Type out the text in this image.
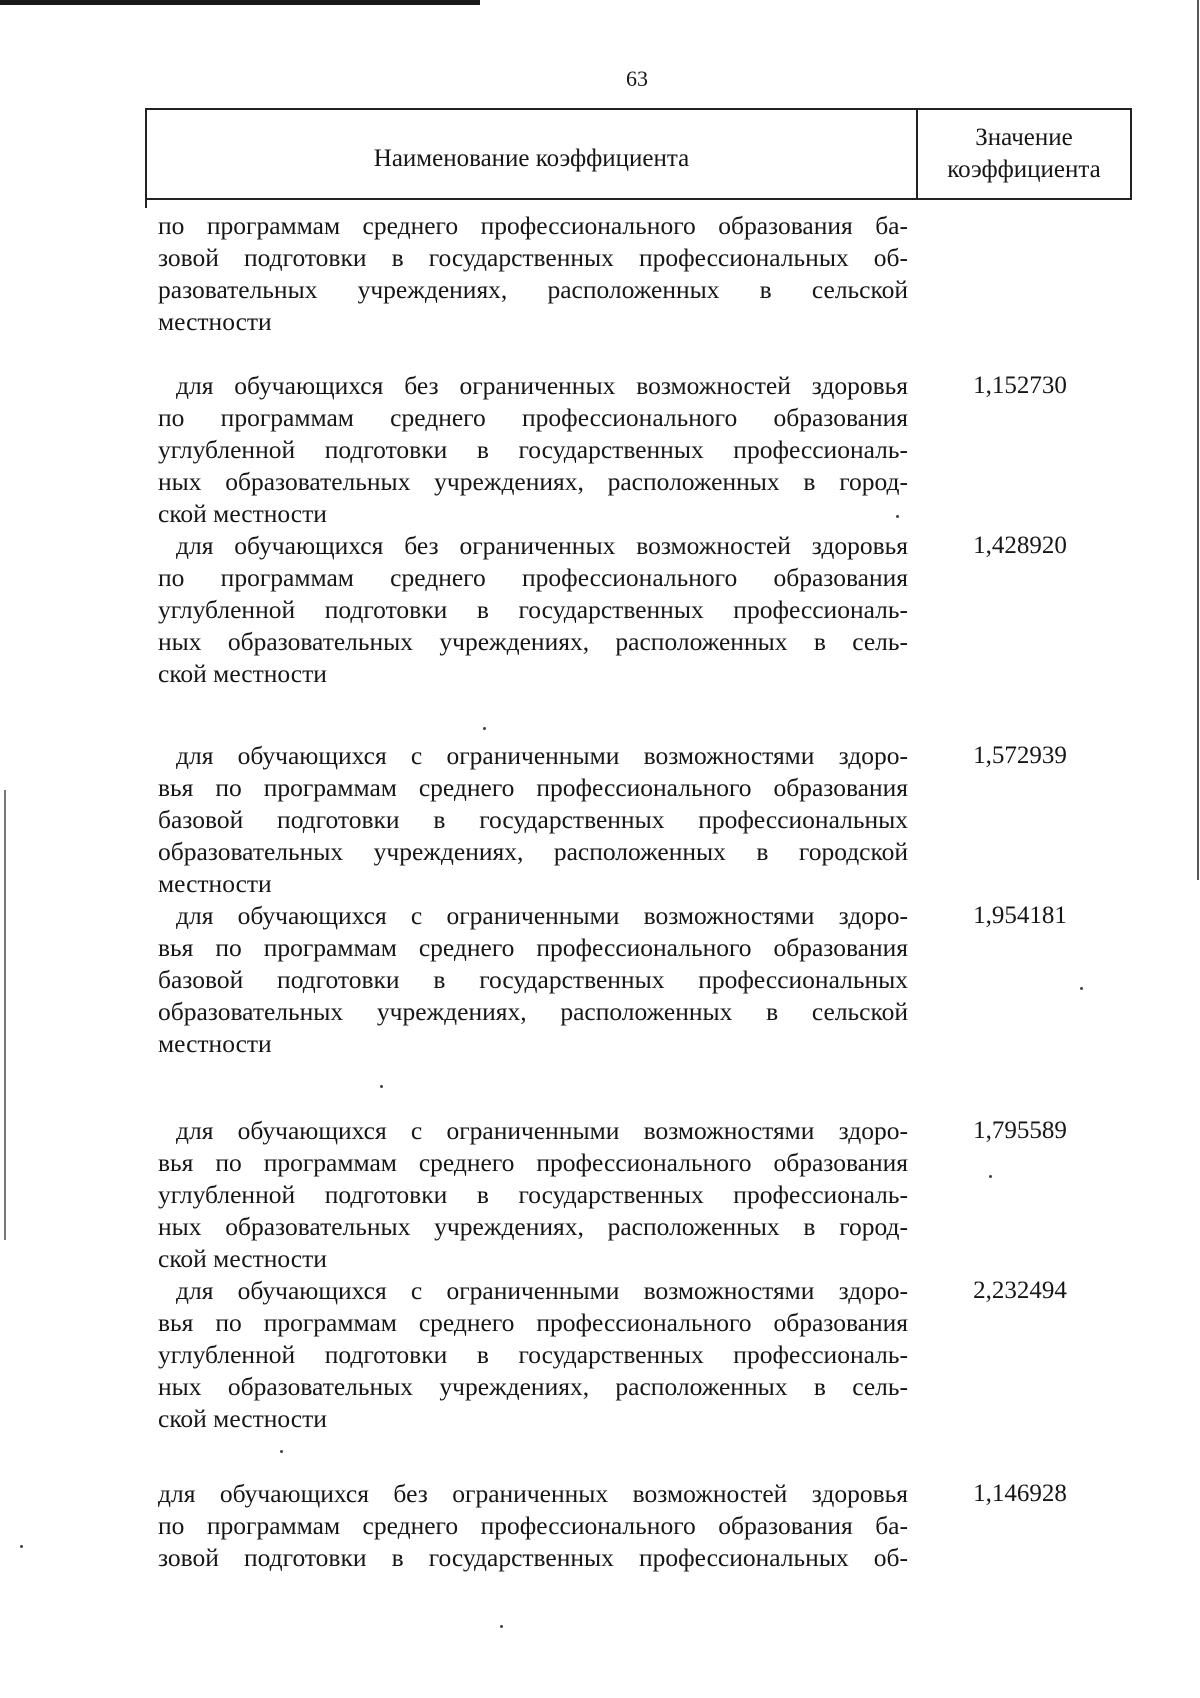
63
Наименование коэффициента
Значение
коэффициента
по программам среднего профессионального образования ба-
зовой подготовки в государственных профессиональных об-
разовательных учреждениях, расположенных в сельской
местности
для обучающихся без ограниченных возможностей здоровья
по программам среднего профессионального образования
углубленной подготовки в государственных профессиональ-
ных образовательных учреждениях, расположенных в город-
ской местности
1,152730
для обучающихся без ограниченных возможностей здоровья
по программам среднего профессионального образования
углубленной подготовки в государственных профессиональ-
ных образовательных учреждениях, расположенных в сель-
ской местности
1,428920
для обучающихся с ограниченными возможностями здоро-
вья по программам среднего профессионального образования
базовой подготовки в государственных профессиональных
образовательных учреждениях, расположенных в городской
местности
1,572939
для обучающихся с ограниченными возможностями здоро-
вья по программам среднего профессионального образования
базовой подготовки в государственных профессиональных
образовательных учреждениях, расположенных в сельской
местности
1,954181
для обучающихся с ограниченными возможностями здоро-
вья по программам среднего профессионального образования
углубленной подготовки в государственных профессиональ-
ных образовательных учреждениях, расположенных в город-
ской местности
1,795589
для обучающихся с ограниченными возможностями здоро-
вья по программам среднего профессионального образования
углубленной подготовки в государственных профессиональ-
ных образовательных учреждениях, расположенных в сель-
ской местности
2,232494
для обучающихся без ограниченных возможностей здоровья
по программам среднего профессионального образования ба-
зовой подготовки в государственных профессиональных об-
1,146928
